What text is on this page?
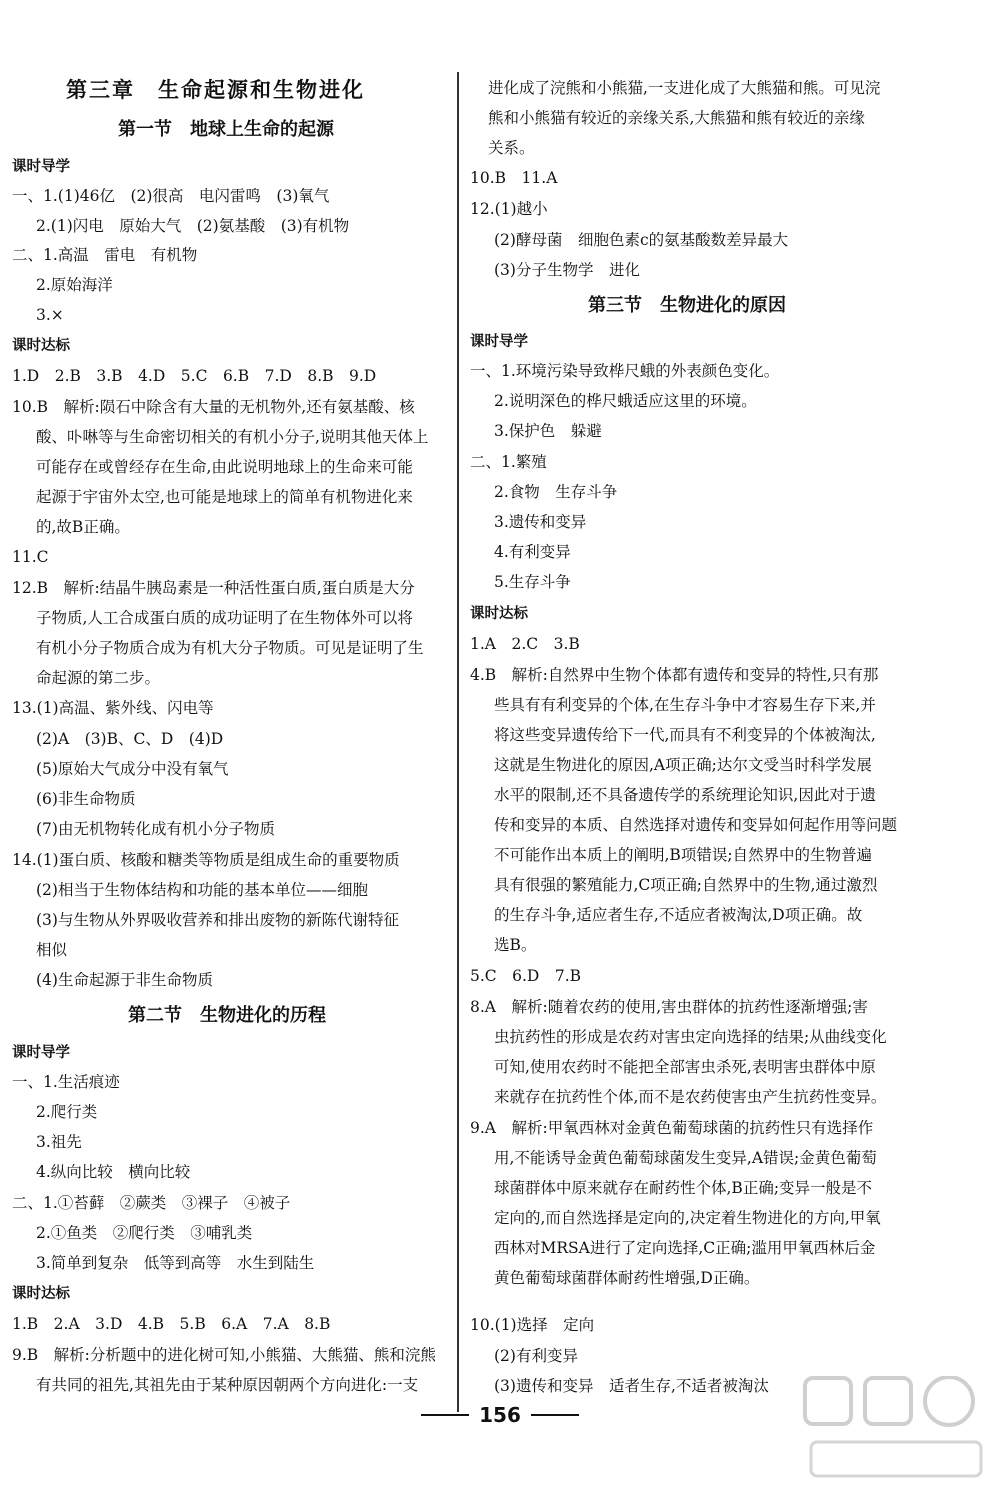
第三章　生命起源和生物进化
第一节　地球上生命的起源
课时导学
一、1.(1)46亿　(2)很高　电闪雷鸣　(3)氧气
2.(1)闪电　原始大气　(2)氨基酸　(3)有机物
二、1.高温　雷电　有机物
2.原始海洋
3.×
课时达标
1.D　2.B　3.B　4.D　5.C　6.B　7.D　8.B　9.D
10.B　解析:陨石中除含有大量的无机物外,还有氨基酸、核
酸、卟啉等与生命密切相关的有机小分子,说明其他天体上
可能存在或曾经存在生命,由此说明地球上的生命来可能
起源于宇宙外太空,也可能是地球上的简单有机物进化来
的,故B正确。
11.C
12.B　解析:结晶牛胰岛素是一种活性蛋白质,蛋白质是大分
子物质,人工合成蛋白质的成功证明了在生物体外可以将
有机小分子物质合成为有机大分子物质。可见是证明了生
命起源的第二步。
13.(1)高温、紫外线、闪电等
(2)A　(3)B、C、D　(4)D
(5)原始大气成分中没有氧气
(6)非生命物质
(7)由无机物转化成有机小分子物质
14.(1)蛋白质、核酸和糖类等物质是组成生命的重要物质
(2)相当于生物体结构和功能的基本单位——细胞
(3)与生物从外界吸收营养和排出废物的新陈代谢特征
相似
(4)生命起源于非生命物质
第二节　生物进化的历程
课时导学
一、1.生活痕迹
2.爬行类
3.祖先
4.纵向比较　横向比较
二、1.①苔藓　②蕨类　③裸子　④被子
2.①鱼类　②爬行类　③哺乳类
3.简单到复杂　低等到高等　水生到陆生
课时达标
1.B　2.A　3.D　4.B　5.B　6.A　7.A　8.B
9.B　解析:分析题中的进化树可知,小熊猫、大熊猫、熊和浣熊
有共同的祖先,其祖先由于某种原因朝两个方向进化:一支
进化成了浣熊和小熊猫,一支进化成了大熊猫和熊。可见浣
熊和小熊猫有较近的亲缘关系,大熊猫和熊有较近的亲缘
关系。
10.B　11.A
12.(1)越小
(2)酵母菌　细胞色素c的氨基酸数差异最大
(3)分子生物学　进化
第三节　生物进化的原因
课时导学
一、1.环境污染导致桦尺蛾的外表颜色变化。
2.说明深色的桦尺蛾适应这里的环境。
3.保护色　躲避
二、1.繁殖
2.食物　生存斗争
3.遗传和变异
4.有利变异
5.生存斗争
课时达标
1.A　2.C　3.B
4.B　解析:自然界中生物个体都有遗传和变异的特性,只有那
些具有有利变异的个体,在生存斗争中才容易生存下来,并
将这些变异遗传给下一代,而具有不利变异的个体被淘汰,
这就是生物进化的原因,A项正确;达尔文受当时科学发展
水平的限制,还不具备遗传学的系统理论知识,因此对于遗
传和变异的本质、自然选择对遗传和变异如何起作用等问题
不可能作出本质上的阐明,B项错误;自然界中的生物普遍
具有很强的繁殖能力,C项正确;自然界中的生物,通过激烈
的生存斗争,适应者生存,不适应者被淘汰,D项正确。故
选B。
5.C　6.D　7.B
8.A　解析:随着农药的使用,害虫群体的抗药性逐渐增强;害
虫抗药性的形成是农药对害虫定向选择的结果;从曲线变化
可知,使用农药时不能把全部害虫杀死,表明害虫群体中原
来就存在抗药性个体,而不是农药使害虫产生抗药性变异。
9.A　解析:甲氧西林对金黄色葡萄球菌的抗药性只有选择作
用,不能诱导金黄色葡萄球菌发生变异,A错误;金黄色葡萄
球菌群体中原来就存在耐药性个体,B正确;变异一般是不
定向的,而自然选择是定向的,决定着生物进化的方向,甲氧
西林对MRSA进行了定向选择,C正确;滥用甲氧西林后金
黄色葡萄球菌群体耐药性增强,D正确。
10.(1)选择　定向
(2)有利变异
(3)遗传和变异　适者生存,不适者被淘汰
156
